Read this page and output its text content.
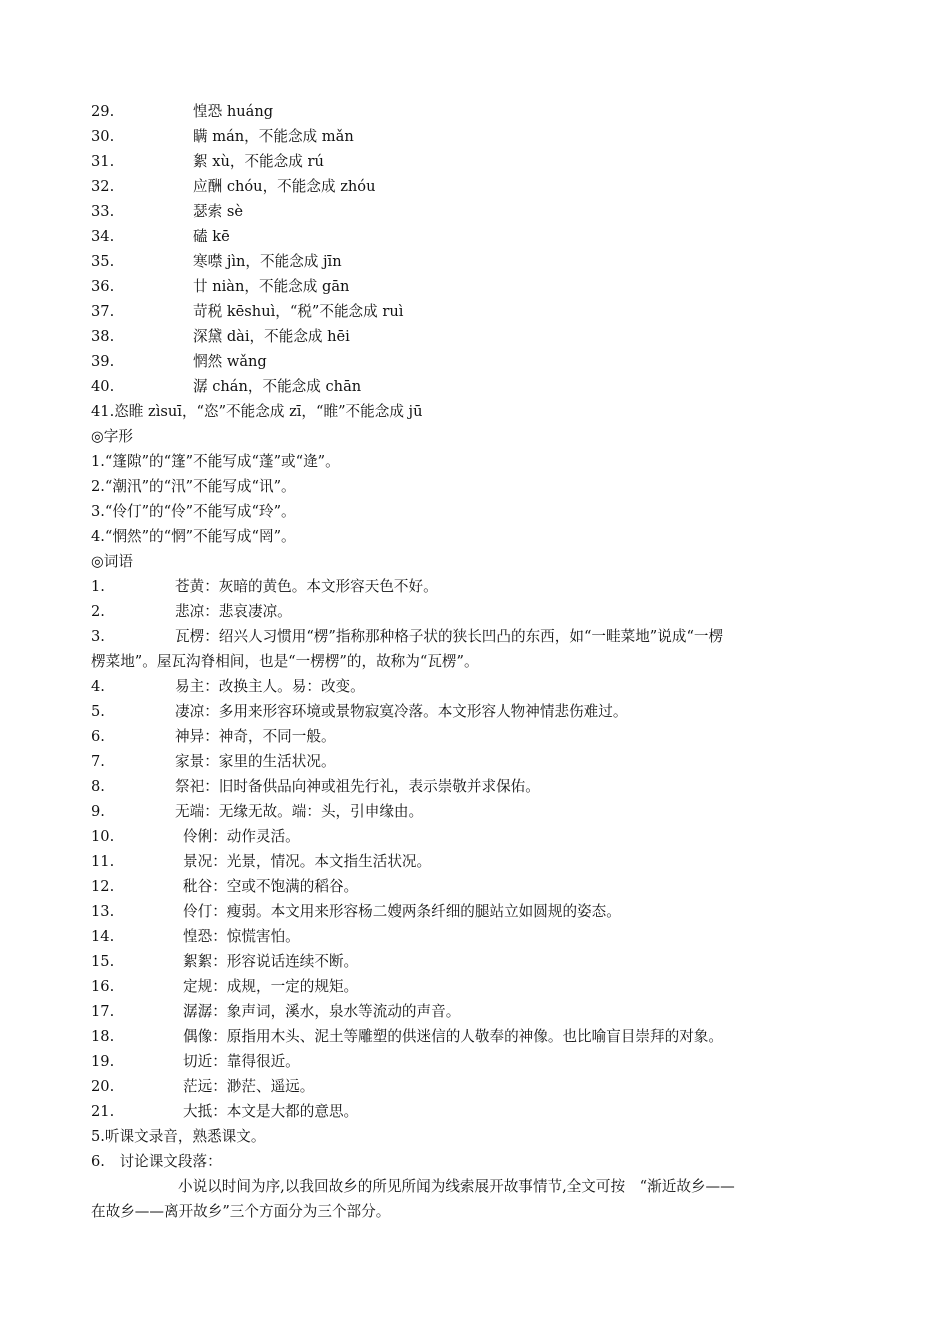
29.	惶恐 huáng
30.	瞒 mán，不能念成 mǎn
31.	絮 xù，不能念成 rú
32.	应酬 chóu，不能念成 zhóu
33.	瑟索 sè
34.	磕 kē
35.	寒噤 jìn，不能念成 jīn
36.	廿 niàn，不能念成 gān
37.	苛税 kēshuì，“税”不能念成 ruì
38.	深黛 dài，不能念成 hēi
39.	惘然 wǎng
40.	潺 chán，不能念成 chān
41.恣睢 zìsuī，“恣”不能念成 zī，“睢”不能念成 jū
◎字形
1.“篷隙”的“篷”不能写成“蓬”或“逄”。
2.“潮汛”的“汛”不能写成“讯”。
3.“伶仃”的“伶”不能写成“玲”。
4.“惘然”的“惘”不能写成“罔”。
◎词语
1.	苍黄：灰暗的黄色。本文形容天色不好。
2.	悲凉：悲哀凄凉。
3.	瓦楞：绍兴人习惯用“楞”指称那种格子状的狭长凹凸的东西，如“一畦菜地”说成“一楞
楞菜地”。屋瓦沟脊相间，也是“一楞楞”的，故称为“瓦楞”。
4.	易主：改换主人。易：改变。
5.	凄凉：多用来形容环境或景物寂寞冷落。本文形容人物神情悲伤难过。
6.	神异：神奇，不同一般。
7.	家景：家里的生活状况。
8.	祭祀：旧时备供品向神或祖先行礼，表示崇敬并求保佑。
9.	无端：无缘无故。端：头，引申缘由。
10.	伶俐：动作灵活。
11.	景况：光景，情况。本文指生活状况。
12.	秕谷：空或不饱满的稻谷。
13.	伶仃：瘦弱。本文用来形容杨二嫂两条纤细的腿站立如圆规的姿态。
14.	惶恐：惊慌害怕。
15.	絮絮：形容说话连续不断。
16.	定规：成规，一定的规矩。
17.	潺潺：象声词，溪水，泉水等流动的声音。
18.	偶像：原指用木头、泥土等雕塑的供迷信的人敬奉的神像。也比喻盲目崇拜的对象。
19.	切近：靠得很近。
20.	茫远：渺茫、遥远。
21.	大抵：本文是大都的意思。
5.听课文录音，熟悉课文。
6.　讨论课文段落：
小说以时间为序,以我回故乡的所见所闻为线索展开故事情节,全文可按　“渐近故乡——
在故乡——离开故乡”三个方面分为三个部分。
